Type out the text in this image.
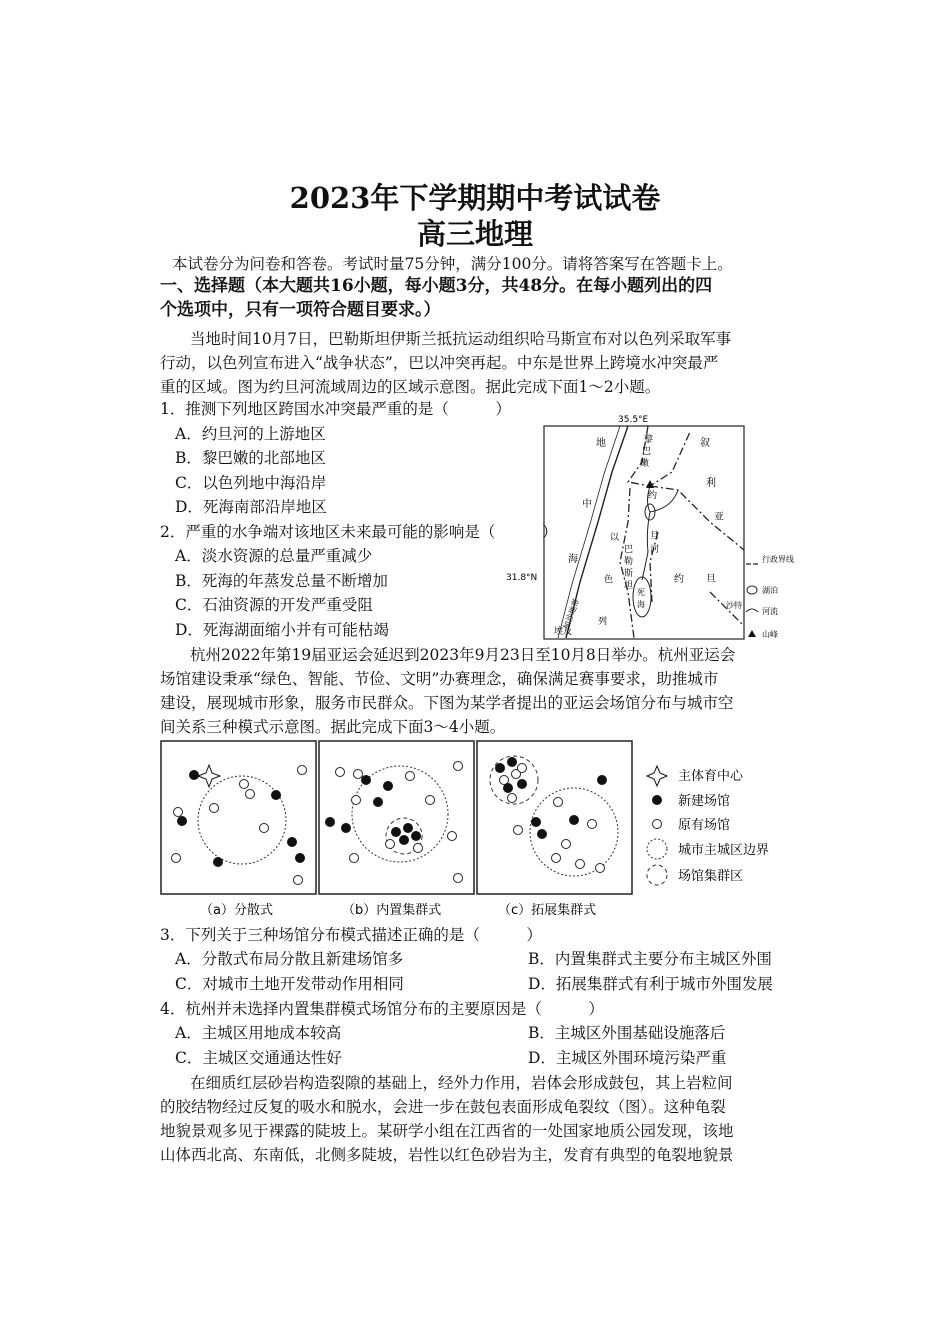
2023年下学期期中考试试卷
高三地理
本试卷分为问卷和答卷。考试时量75分钟，满分100分。请将答案写在答题卡上。
一、选择题（本大题共16小题，每小题3分，共48分。在每小题列出的四
个选项中，只有一项符合题目要求。）
当地时间10月7日，巴勒斯坦伊斯兰抵抗运动组织哈马斯宣布对以色列采取军事
行动，以色列宣布进入“战争状态”，巴以冲突再起。中东是世界上跨境水冲突最严
重的区域。图为约旦河流域周边的区域示意图。据此完成下面1～2小题。
1．推测下列地区跨国水冲突最严重的是（　　　）
A．约旦河的上游地区
B．黎巴嫩的北部地区
C．以色列地中海沿岸
D．死海南部沿岸地区
2．严重的水争端对该地区未来最可能的影响是（　　　）
A．淡水资源的总量严重减少
B．死海的年蒸发总量不断增加
C．石油资源的开发严重受阻
D．死海湖面缩小并有可能枯竭
35.5°E
31.8°N
地
中
海
叙
利
亚
黎
巴
嫩
约
旦
河
以
色
列
巴
勒
斯
坦
死
海
约 旦
加沙地带
埃及
沙特
行政界线
湖泊
河流
山峰
杭州2022年第19届亚运会延迟到2023年9月23日至10月8日举办。杭州亚运会
场馆建设秉承“绿色、智能、节俭、文明”办赛理念，确保满足赛事要求，助推城市
建设，展现城市形象，服务市民群众。下图为某学者提出的亚运会场馆分布与城市空
间关系三种模式示意图。据此完成下面3～4小题。
（a）分散式	（b）内置集群式	（c）拓展集群式
主体育中心
新建场馆
原有场馆
城市主城区边界
场馆集群区
3．下列关于三种场馆分布模式描述正确的是（　　　）
A．分散式布局分散且新建场馆多	B．内置集群式主要分布主城区外围
C．对城市土地开发带动作用相同	D．拓展集群式有利于城市外围发展
4．杭州并未选择内置集群模式场馆分布的主要原因是（　　　）
A．主城区用地成本较高	B．主城区外围基础设施落后
C．主城区交通通达性好	D．主城区外围环境污染严重
在细质红层砂岩构造裂隙的基础上，经外力作用，岩体会形成鼓包，其上岩粒间
的胶结物经过反复的吸水和脱水，会进一步在鼓包表面形成龟裂纹（图）。这种龟裂
地貌景观多见于裸露的陡坡上。某研学小组在江西省的一处国家地质公园发现，该地
山体西北高、东南低，北侧多陡坡，岩性以红色砂岩为主，发育有典型的龟裂地貌景
